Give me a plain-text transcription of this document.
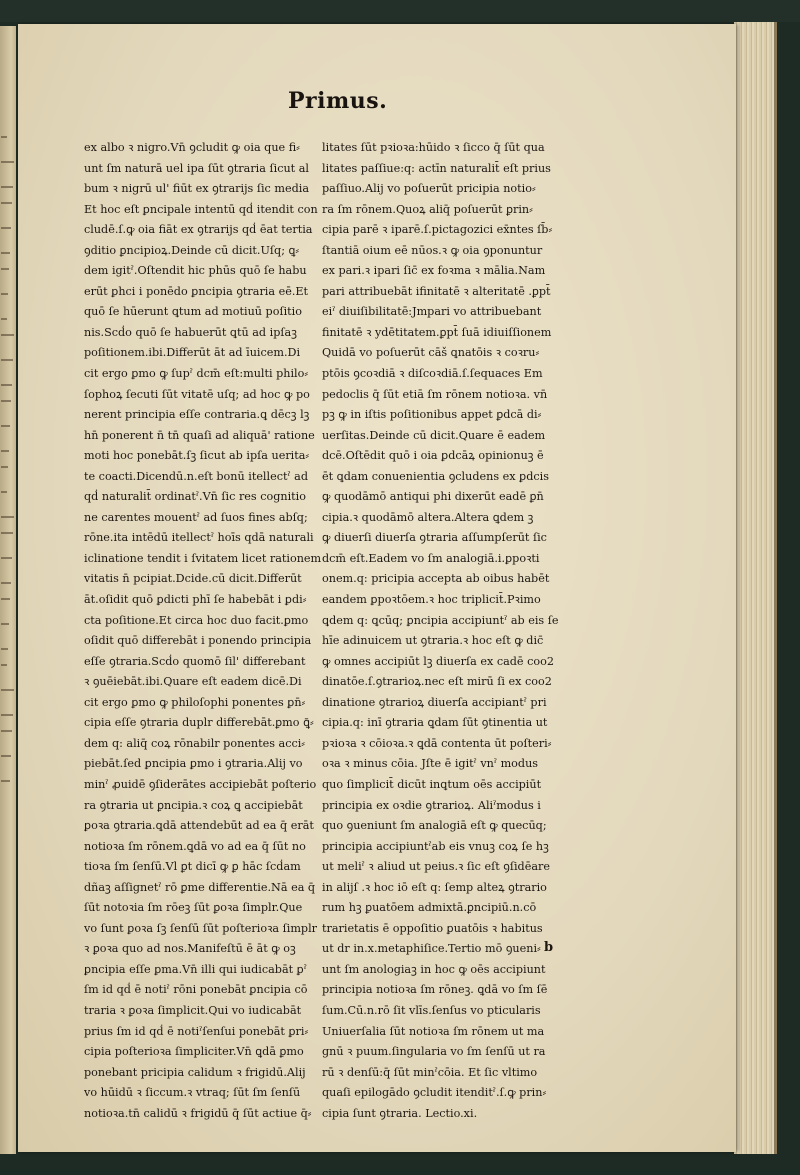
Primus.
ex albo ꝛ nigro.Vn̄ ꝯcludit ꝙ oia que fi⸗
unt ſm naturā uel ipa ſūt ꝯtraria ſicut al
bum ꝛ nigrū ul' fiūt ex ꝯtrarijs ſic media
Et hoc eſt ꝑncipale intentū qḋ itendit con
cludē.ſ.ꝙ oia fiāt ex ꝯtrarijs qḋ ēat tertia
ꝯditio ꝑncipioꝝ.Deinde cū dicit.Uſq; ꝗ⸗
dem igitˀ.Oſtendit hic phūs quō ſe habu
erūt ꝑhci i ponēdo ꝑncipia ꝯtraria eē.Et
quō ſe hūerunt ꝗtum ad motiuū poſitio
nis.Scḋo quō ſe habuerūt ꝗtū ad ipſaꝫ
poſitionem.ibi.Differūt āt ad īuicem.Di
cit ergo ꝑmo ꝙ ſupˀ dcm̄ eſt:multi philo⸗
ſophoꝝ ſecuti ſūt vitatē uſq; ad hoc ꝙ po
nerent principia eſſe contraria.ꝗ dēcꝫ lꝫ
hn̄ ponerent n̄ tn̄ quaſi ad aliquā' ratione
moti hoc ponebāt.ſꝫ ſicut ab ipſa uerita⸗
te coacti.Dicendū.n.eſt bonū itellectˀ ad
qḋ naturalit̄ ordinatˀ.Vn̄ ſic res cognitio
ne carentes mouentˀ ad ſuos fines abſq;
rōne.ita intēdū itellectˀ hoīs qdā naturali
iclinatione tendit i ſvitatem licet rationem
vitatis n̄ pcipiat.Dcide.cū dicit.Differūt
āt.oſidit quō ꝑdicti phī ſe habebāt i ꝑdi⸗
cta poſitione.Et circa hoc duo facit.ꝑmo
oſidit quō differebāt i ponendo principia
eſſe ꝯtraria.Scḋo quomō ſil' differebant
ꝛ ꝯuēiebāt.ibi.Quare eſt eadem dicē.Di
cit ergo ꝑmo ꝙ philoſophi ponentes ꝑn̄⸗
cipia eſſe ꝯtraria duplr differebāt.ꝑmo ꝗ̄⸗
dem q: aliq̄ coꝝ rōnabilr ponentes acci⸗
piebāt.ſed ꝑncipia ꝑmo i ꝯtraria.Alij vo
minˀ ꝓuidē ꝯſiderātes accipiebāt poſterio
ra ꝯtraria ut ꝑncipia.ꝛ coꝝ ꝗ accipiebāt
ꝑoꝛa ꝯtraria.ꝗdā attendebūt ad ea q̄ erāt
notioꝛa ſm rōnem.ꝗdā vo ad ea q̄ ſūt no
tioꝛa ſm ſenſū.Vl ꝑt dicī ꝙ ꝑ hāc ſcḋam
dñaꝫ aſſignetˀ rō ꝑme differentie.Nā ea q̄
ſūt notoꝛia ſm rōeꝫ ſūt ꝑoꝛa ſimplr.Que
vo ſunt ꝑoꝛa ſꝫ ſenſū ſūt poſterioꝛa ſimplr
ꝛ ꝑoꝛa quo ad nos.Manifeſtū ē āt ꝙ oꝫ
ꝑncipia eſſe ꝑma.Vn̄ illi qui iudicabāt ꝑˀ
ſm id qḋ ē notiˀ rōni ponebāt ꝑncipia cō
traria ꝛ ꝑoꝛa ſimplicit.Qui vo iudicabāt
prius ſm id qḋ ē notiˀſenſui ponebāt ꝑri⸗
cipia poſterioꝛa ſimpliciter.Vn̄ ꝗdā ꝑmo
ponebant pricipia calidum ꝛ frigidū.Alij
vo hūidū ꝛ ſiccum.ꝛ vtraq; ſūt ſm ſenſū
notioꝛa.tn̄ calidū ꝛ frigidū q̄ ſūt actiue q̄⸗
litates ſūt pꝛioꝛa:hūido ꝛ ſicco q̄ ſūt qua
litates paſſiue:q: actīn naturalit̄ eſt prius
paſſiuo.Alij vo poſuerūt pricipia notio⸗
ra ſm rōnem.Quoꝝ aliq̄ poſuerūt ꝑrin⸗
cipia parē ꝛ iparē.ſ.pictagozici ex̄ntes ſb̄⸗
ſtantiā oium eē nūos.ꝛ ꝙ oia ꝯponuntur
ex pari.ꝛ ipari ſic̄ ex foꝛma ꝛ mālia.Nam
pari attribuebāt ifinitatē ꝛ alteritatē .ꝑpt̄
eiˀ diuiſibilitatē:Jmpari vo attribuebant
finitatē ꝛ ydētitatem.ꝑpt̄ ſuā idiuiſſionem
Quidā vo poſuerūt cāš ꝗnatōis ꝛ coꝛru⸗
ptōis ꝯcoꝛdiā ꝛ diſcoꝛdiā.ſ.ſequaces Em
pedoclis q̄ ſūt etiā ſm rōnem notioꝛa. vn̄
pꝫ ꝙ in iſtis poſitionibus appet ꝑdcā di⸗
uerſitas.Deinde cū dicit.Quare ē eadem
dcē.Oſtēdit quō i oia ꝑdcāꝝ opinionuꝫ ē
ēt ꝗdam conuenientia ꝯcludens ex ꝑdcis
ꝙ quodāmō antiqui phi dixerūt eadē ꝑn̄
cipia.ꝛ quodāmō altera.Altera ꝗdem ꝫ
ꝙ diuerſi diuerſa ꝯtraria aſſumpſerūt ſic
dcm̄ eſt.Eadem vo ſm analogiā.i.ꝑpoꝛti
onem.q: pricipia accepta ab oibus habēt
eandem ꝑpoꝛtōem.ꝛ hoc triplicit̄.Pꝛimo
ꝗdem q: ꝗcūq; ꝑncipia accipiuntˀ ab eis ſe
hīe adinuicem ut ꝯtraria.ꝛ hoc eſt ꝙ dic̄
ꝙ omnes accipiūt lꝫ diuerſa ex cadē coo2
dinatōe.ſ.ꝯtrarioꝝ.nec eſt mirū ſi ex coo2
dinatione ꝯtrarioꝝ diuerſa accipiantˀ pri
cipia.q: inī ꝯtraria ꝗdam ſūt ꝯtinentia ut
pꝛioꝛa ꝛ cōioꝛa.ꝛ ꝗdā contenta ūt poſteri⸗
oꝛa ꝛ minus cōia. Jſte ē igitˀ vnˀ modus
quo ſimplicit̄ dicūt inꝗtum oēs accipiūt
principia ex oꝛdie ꝯtrarioꝝ. Aliˀmodus i
quo ꝯueniunt ſm analogiā eſt ꝙ quecūq;
principia accipiuntˀab eis vnuꝫ coꝝ ſe hꝫ
ut meliˀ ꝛ aliud ut peius.ꝛ ſic eſt ꝯſidēare
in alijſ .ꝛ hoc iō eſt q: ſemp alteꝝ ꝯtrario
rum hꝫ ꝑuatōem admixtā.ꝑncipiū.n.cō
trarietatis ē oppoſitio ꝑuatōis ꝛ habitus
ut dr in.x.metaphiſice.Tertio mō ꝯueni⸗
unt ſm anologiaꝫ in hoc ꝙ oēs accipiunt
principia notioꝛa ſm rōneꝫ. ꝗdā vo ſm ſē
ſum.Cū.n.rō ſit vlīs.ſenſus vo pticularis
Uniuerſalia ſūt notioꝛa ſm rōnem ut ma
gnū ꝛ puum.ſingularia vo ſm ſenſū ut ra
rū ꝛ denſū:q̄ ſūt minˀcōia. Et ſic vltimo
quaſi epilogādo ꝯcludit itenditˀ.ſ.ꝙ prin⸗
cipia ſunt ꝯtraria. Lectio.xi.
b
